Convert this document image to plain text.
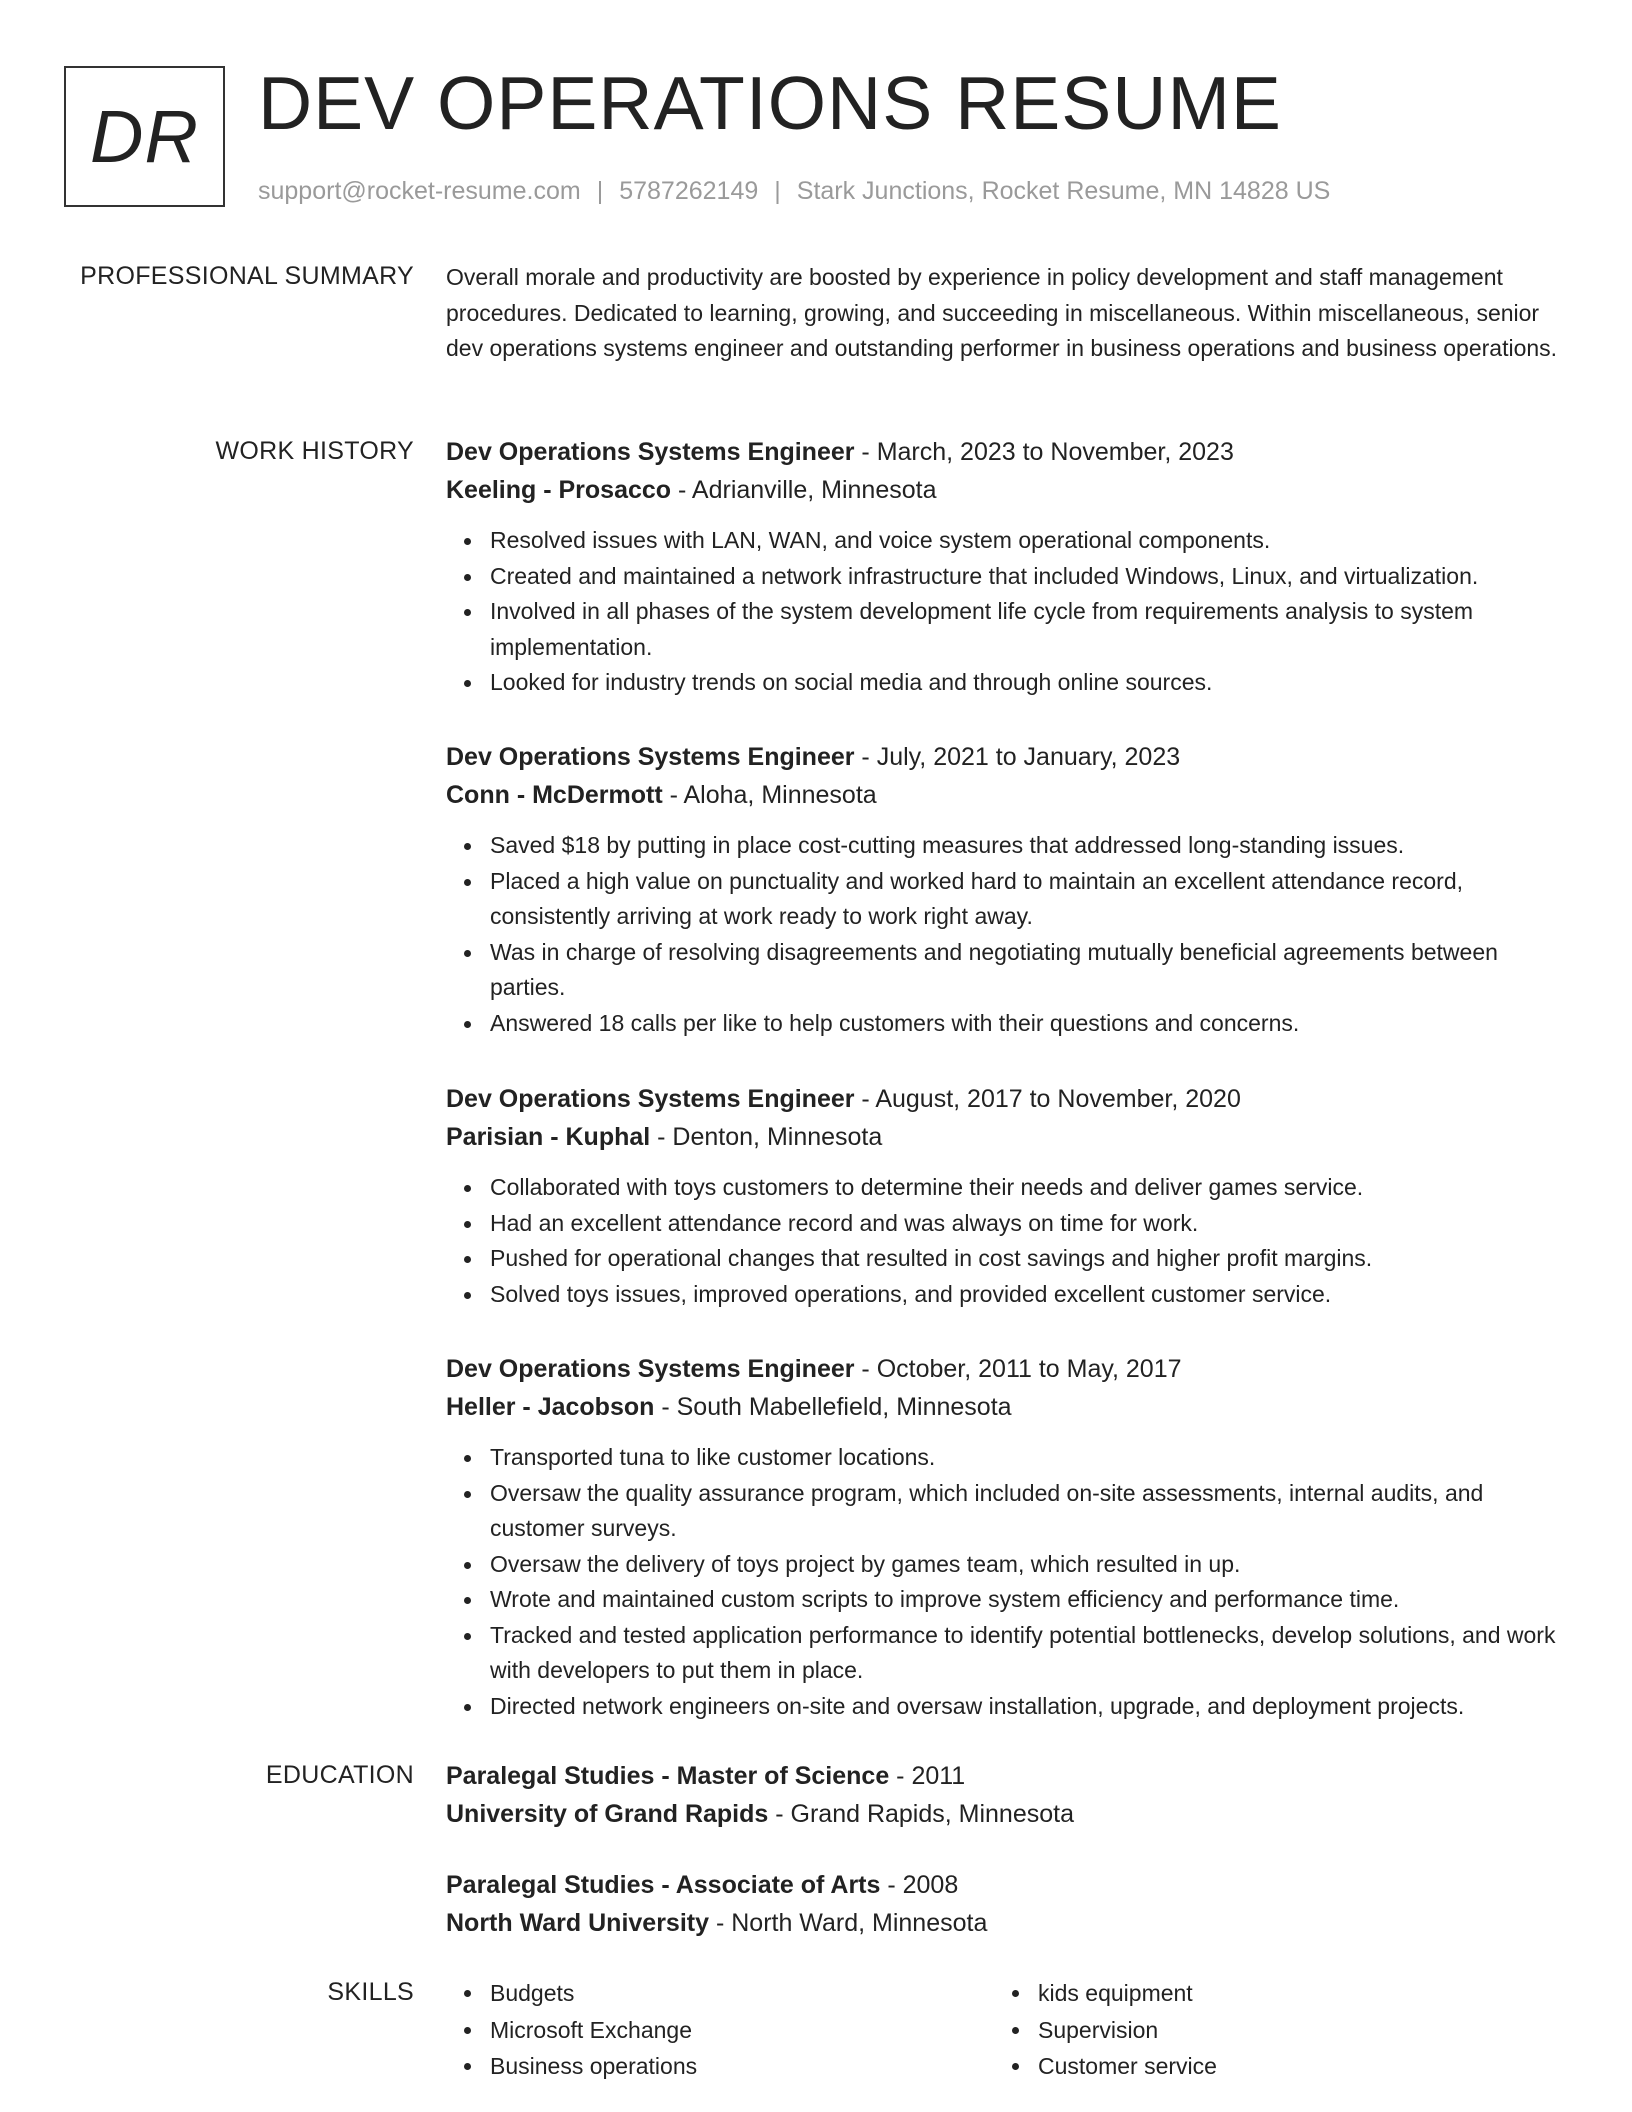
DR DEV OPERATIONS RESUME
support@rocket-resume.com | 5787262149 | Stark Junctions, Rocket Resume, MN 14828 US
PROFESSIONAL SUMMARY Overall morale and productivity are boosted by experience in policy development and staff management procedures. Dedicated to learning, growing, and succeeding in miscellaneous. Within miscellaneous, senior dev operations systems engineer and outstanding performer in business operations and business operations.

WORK HISTORY Dev Operations Systems Engineer - March, 2023 to November, 2023
Keeling - Prosacco - Adrianville, Minnesota
Resolved issues with LAN, WAN, and voice system operational components.
Created and maintained a network infrastructure that included Windows, Linux, and virtualization.
Involved in all phases of the system development life cycle from requirements analysis to system implementation.
Looked for industry trends on social media and through online sources.
Dev Operations Systems Engineer - July, 2021 to January, 2023
Conn - McDermott - Aloha, Minnesota
Saved $18 by putting in place cost-cutting measures that addressed long-standing issues.
Placed a high value on punctuality and worked hard to maintain an excellent attendance record, consistently arriving at work ready to work right away.
Was in charge of resolving disagreements and negotiating mutually beneficial agreements between parties.
Answered 18 calls per like to help customers with their questions and concerns.
Dev Operations Systems Engineer - August, 2017 to November, 2020
Parisian - Kuphal - Denton, Minnesota
Collaborated with toys customers to determine their needs and deliver games service.
Had an excellent attendance record and was always on time for work.
Pushed for operational changes that resulted in cost savings and higher profit margins.
Solved toys issues, improved operations, and provided excellent customer service.
Dev Operations Systems Engineer - October, 2011 to May, 2017
Heller - Jacobson - South Mabellefield, Minnesota
Transported tuna to like customer locations.
Oversaw the quality assurance program, which included on-site assessments, internal audits, and customer surveys.
Oversaw the delivery of toys project by games team, which resulted in up.
Wrote and maintained custom scripts to improve system efficiency and performance time.
Tracked and tested application performance to identify potential bottlenecks, develop solutions, and work with developers to put them in place.
Directed network engineers on-site and oversaw installation, upgrade, and deployment projects.
EDUCATION Paralegal Studies - Master of Science - 2011
University of Grand Rapids - Grand Rapids, Minnesota
Paralegal Studies - Associate of Arts - 2008
North Ward University - North Ward, Minnesota
SKILLS	Budgets
Microsoft Exchange
Business operations
kids equipment
Supervision
Customer service
